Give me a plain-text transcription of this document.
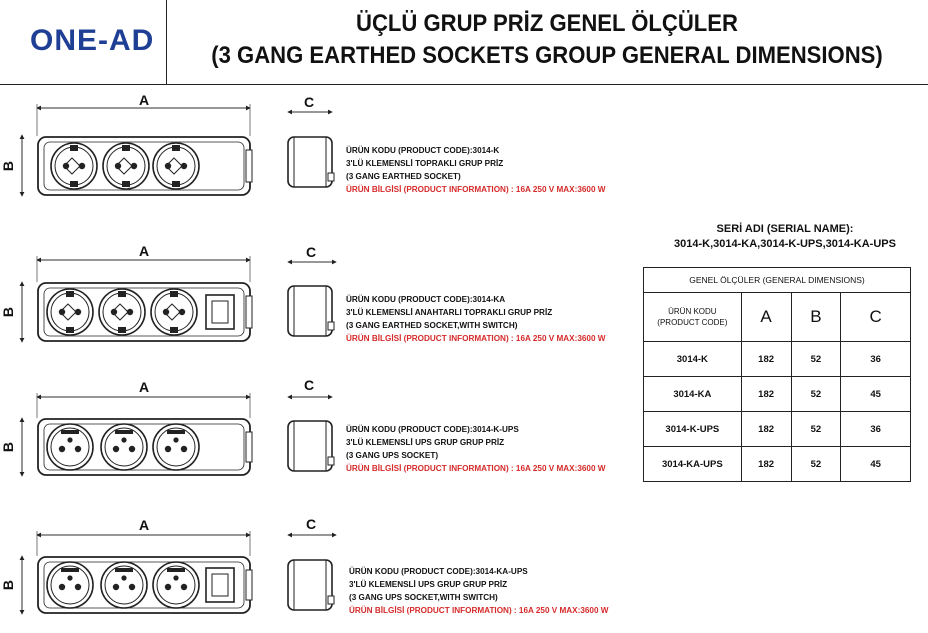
ONE-AD
ÜÇLÜ GRUP PRİZ GENEL ÖLÇÜLER
(3 GANG EARTHED SOCKETS GROUP GENERAL DIMENSIONS)
A
B
C
A
B
C
A
B
C
A
B
C
ÜRÜN KODU (PRODUCT CODE):3014-K
3'LÜ KLEMENSLİ TOPRAKLI GRUP PRİZ
(3 GANG EARTHED SOCKET)
ÜRÜN BİLGİSİ (PRODUCT INFORMATION) : 16A 250 V MAX:3600 W
ÜRÜN KODU (PRODUCT CODE):3014-KA
3'LÜ KLEMENSLİ ANAHTARLI TOPRAKLI GRUP PRİZ
(3 GANG EARTHED SOCKET,WITH SWITCH)
ÜRÜN BİLGİSİ (PRODUCT INFORMATION) : 16A 250 V MAX:3600 W
ÜRÜN KODU (PRODUCT CODE):3014-K-UPS
3'LÜ KLEMENSLİ UPS GRUP GRUP PRİZ
(3 GANG UPS SOCKET)
ÜRÜN BİLGİSİ (PRODUCT INFORMATION) : 16A 250 V MAX:3600 W
ÜRÜN KODU (PRODUCT CODE):3014-KA-UPS
3'LÜ KLEMENSLİ UPS GRUP GRUP PRİZ
(3 GANG UPS SOCKET,WITH SWITCH)
ÜRÜN BİLGİSİ (PRODUCT INFORMATION) : 16A 250 V MAX:3600 W
SERİ ADI (SERIAL NAME):
3014-K,3014-KA,3014-K-UPS,3014-KA-UPS
GENEL ÖLÇÜLER (GENERAL DIMENSIONS)			

ÜRÜN KODU
(PRODUCT CODE)	A	B	C
3014-K	182	52	36
3014-KA	182	52	45
3014-K-UPS	182	52	36
3014-KA-UPS	182	52	45
